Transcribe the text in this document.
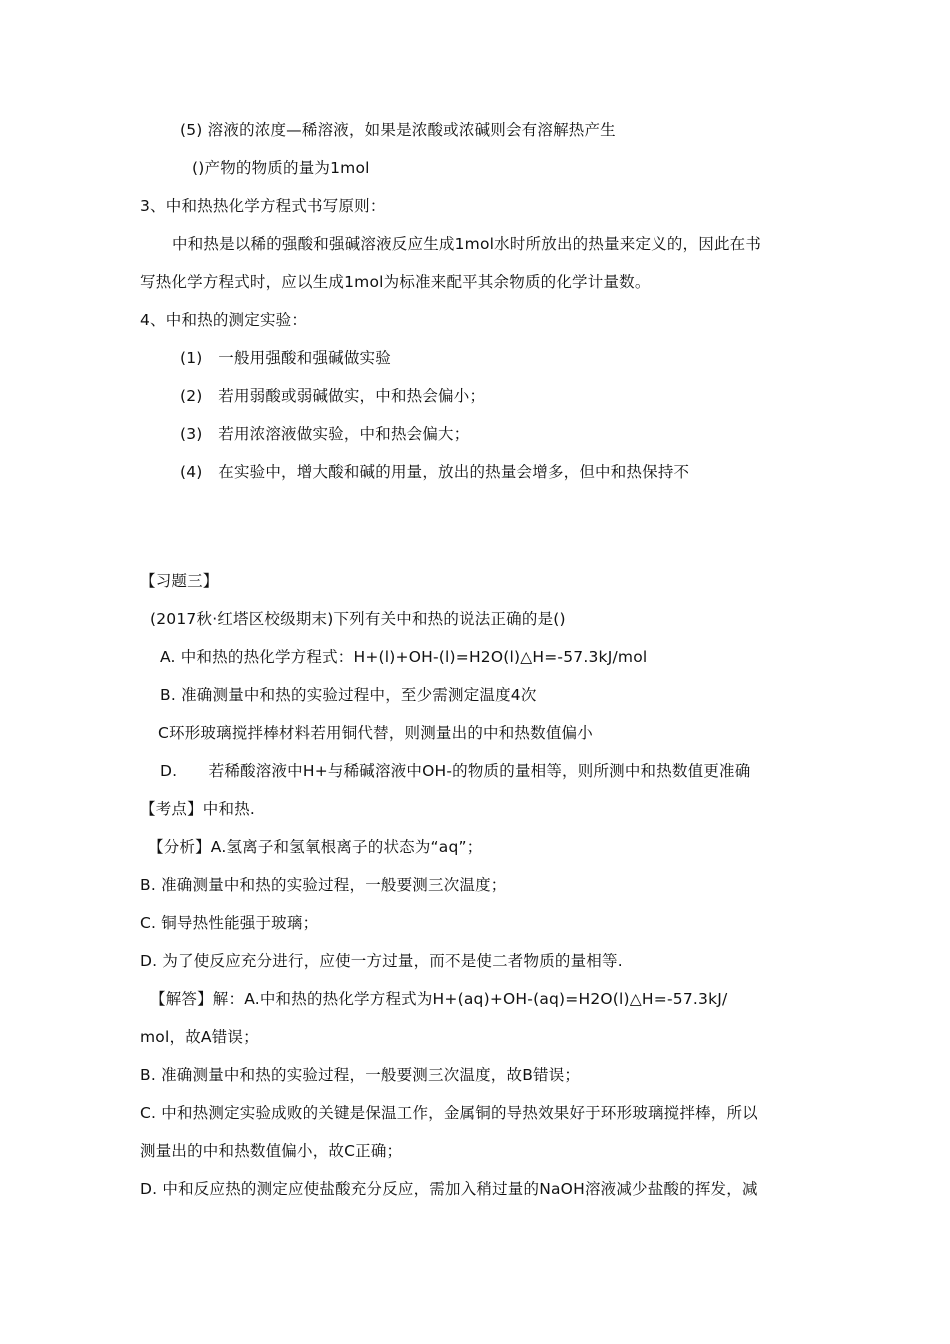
(5) 溶液的浓度—稀溶液，如果是浓酸或浓碱则会有溶解热产生
()产物的物质的量为1mol
3、中和热热化学方程式书写原则：
中和热是以稀的强酸和强碱溶液反应生成1mol水时所放出的热量来定义的，因此在书
写热化学方程式时，应以生成1mol为标准来配平其余物质的化学计量数。
4、中和热的测定实验：
(1)　一般用强酸和强碱做实验
(2)　若用弱酸或弱碱做实，中和热会偏小；
(3)　若用浓溶液做实验，中和热会偏大；
(4)　在实验中，增大酸和碱的用量，放出的热量会增多，但中和热保持不
【习题三】
(2017秋·红塔区校级期末)下列有关中和热的说法正确的是()
A. 中和热的热化学方程式：H+(l)+OH-(l)=H2O(l)△H=-57.3kJ/mol
B. 准确测量中和热的实验过程中，至少需测定温度4次
C环形玻璃搅拌棒材料若用铜代替，则测量出的中和热数值偏小
D.　　若稀酸溶液中H+与稀碱溶液中OH-的物质的量相等，则所测中和热数值更准确
【考点】中和热.
【分析】A.氢离子和氢氧根离子的状态为“aq”；
B. 准确测量中和热的实验过程，一般要测三次温度；
C. 铜导热性能强于玻璃；
D. 为了使反应充分进行，应使一方过量，而不是使二者物质的量相等.
【解答】解：A.中和热的热化学方程式为H+(aq)+OH-(aq)=H2O(l)△H=-57.3kJ/
mol，故A错误；
B. 准确测量中和热的实验过程，一般要测三次温度，故B错误；
C. 中和热测定实验成败的关键是保温工作，金属铜的导热效果好于环形玻璃搅拌棒，所以
测量出的中和热数值偏小，故C正确；
D. 中和反应热的测定应使盐酸充分反应，需加入稍过量的NaOH溶液减少盐酸的挥发，减
